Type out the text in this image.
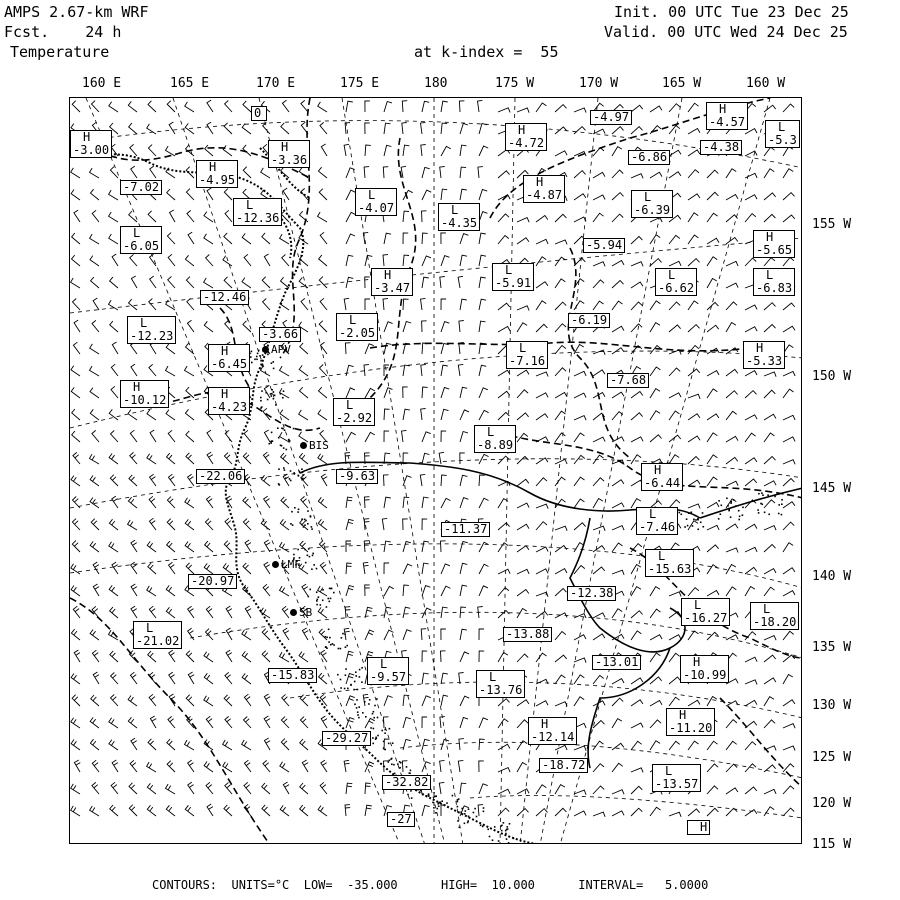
AMPS 2.67-km WRF
Fcst.    24 h
Temperature
Init. 00 UTC Tue 23 Dec 25
Valid. 00 UTC Wed 24 Dec 25
at k-index =  55
160 E	165 E	170 E	175 E	180	175 W	170 W	165 W	160 W
155 W
150 W
145 W
140 W
135 W
130 W
125 W
120 W
115 W
H
-3.00
H
-4.95
H
-3.36
0
H
-4.72
-4.97
H
-4.57	L
-5.3
-7.02
L
-12.36
L
-4.07	L
-4.35
H
-4.87
-6.86
-4.38
L
-6.05
L
-6.39
H
-5.65
-5.94
H
-3.47
L
-5.91
L
-6.62
L
-6.83
-12.46
L
-12.23
L
-2.05
-6.19
-3.66
H
-6.45
L
-7.16
H
-5.33
H
-10.12
-7.68
H
-4.23	L
-2.92
L
-8.89
-22.06	-9.63	H
-6.44
L
-7.46
-11.37
L
-15.63
-20.97
-12.38
L
-16.27
L
-18.20
L
-21.02	-13.88
L
-9.57	L
-13.76
-13.01	H
-10.99
-15.83
H
-12.14
H
-11.20
-29.27
-18.72	L
-13.57
-32.82
-27
H
BIS
APV
SB
LMF
CONTOURS:  UNITS=°C  LOW=  -35.000      HIGH=  10.000      INTERVAL=   5.0000
